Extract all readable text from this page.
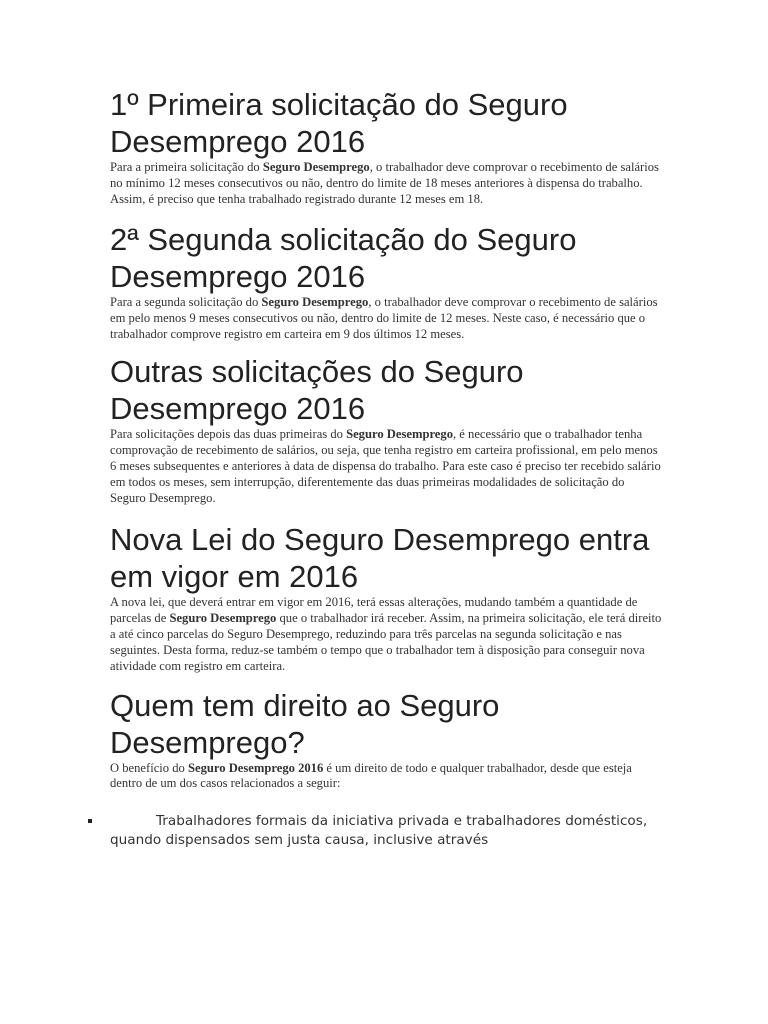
1º Primeira solicitação do Seguro Desemprego 2016

Para a primeira solicitação do Seguro Desemprego, o trabalhador deve comprovar o recebimento de salários no mínimo 12 meses consecutivos ou não, dentro do limite de 18 meses anteriores à dispensa do trabalho. Assim, é preciso que tenha trabalhado registrado durante 12 meses em 18.

2ª Segunda solicitação do Seguro Desemprego 2016

Para a segunda solicitação do Seguro Desemprego, o trabalhador deve comprovar o recebimento de salários em pelo menos 9 meses consecutivos ou não, dentro do limite de 12 meses. Neste caso, é necessário que o trabalhador comprove registro em carteira em 9 dos últimos 12 meses.

Outras solicitações do Seguro Desemprego 2016

Para solicitações depois das duas primeiras do Seguro Desemprego, é necessário que o trabalhador tenha comprovação de recebimento de salários, ou seja, que tenha registro em carteira profissional, em pelo menos 6 meses subsequentes e anteriores à data de dispensa do trabalho. Para este caso é preciso ter recebido salário em todos os meses, sem interrupção, diferentemente das duas primeiras modalidades de solicitação do Seguro Desemprego.

Nova Lei do Seguro Desemprego entra em vigor em 2016

A nova lei, que deverá entrar em vigor em 2016, terá essas alterações, mudando também a quantidade de parcelas de Seguro Desemprego que o trabalhador irá receber. Assim, na primeira solicitação, ele terá direito a até cinco parcelas do Seguro Desemprego, reduzindo para três parcelas na segunda solicitação e nas seguintes. Desta forma, reduz-se também o tempo que o trabalhador tem à disposição para conseguir nova atividade com registro em carteira.

Quem tem direito ao Seguro Desemprego?

O benefício do Seguro Desemprego 2016 é um direito de todo e qualquer trabalhador, desde que esteja dentro de um dos casos relacionados a seguir:

Trabalhadores formais da iniciativa privada e trabalhadores domésticos, quando dispensados sem justa causa, inclusive através
